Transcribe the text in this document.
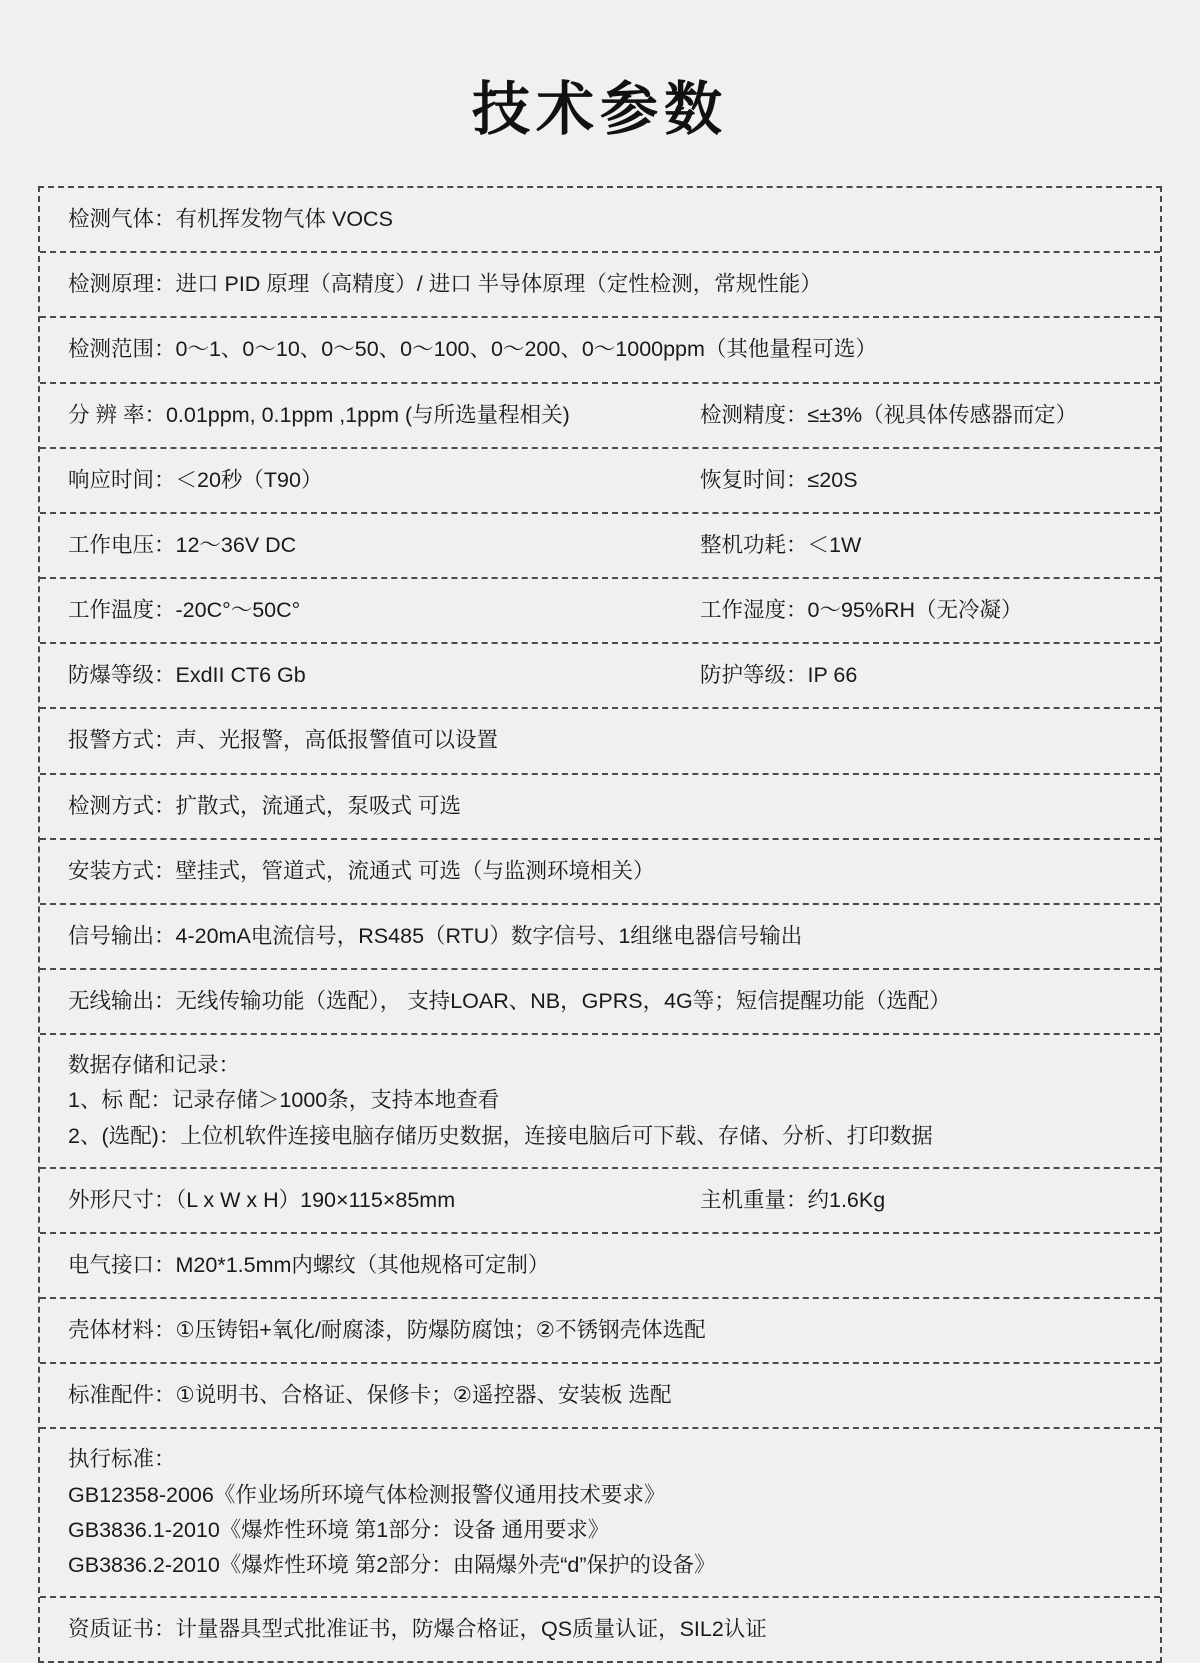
技术参数
检测气体：有机挥发物气体 VOCS
检测原理：进口 PID 原理（高精度）/ 进口 半导体原理（定性检测，常规性能）
检测范围：0～1、0～10、0～50、0～100、0～200、0～1000ppm（其他量程可选）
分 辨 率：0.01ppm, 0.1ppm ,1ppm (与所选量程相关)	检测精度：≤±3%（视具体传感器而定）
响应时间：＜20秒（T90）	恢复时间：≤20S
工作电压：12～36V DC	整机功耗：＜1W
工作温度：-20C°～50C°	工作湿度：0～95%RH（无冷凝）
防爆等级：ExdII CT6 Gb	防护等级：IP 66
报警方式：声、光报警，高低报警值可以设置
检测方式：扩散式，流通式，泵吸式 可选
安装方式：壁挂式，管道式，流通式 可选（与监测环境相关）
信号输出：4-20mA电流信号，RS485（RTU）数字信号、1组继电器信号输出
无线输出：无线传输功能（选配）， 支持LOAR、NB，GPRS，4G等；短信提醒功能（选配）
数据存储和记录：
1、标 配：记录存储＞1000条，支持本地查看
2、(选配)：上位机软件连接电脑存储历史数据，连接电脑后可下载、存储、分析、打印数据
外形尺寸：（L x W x H）190×115×85mm	主机重量：约1.6Kg
电气接口：M20*1.5mm内螺纹（其他规格可定制）
壳体材料：①压铸铝+氧化/耐腐漆，防爆防腐蚀；②不锈钢壳体选配
标准配件：①说明书、合格证、保修卡；②遥控器、安装板 选配
执行标准：
GB12358-2006《作业场所环境气体检测报警仪通用技术要求》
GB3836.1-2010《爆炸性环境 第1部分：设备 通用要求》
GB3836.2-2010《爆炸性环境 第2部分：由隔爆外壳“d”保护的设备》
资质证书：计量器具型式批准证书，防爆合格证，QS质量认证，SIL2认证
